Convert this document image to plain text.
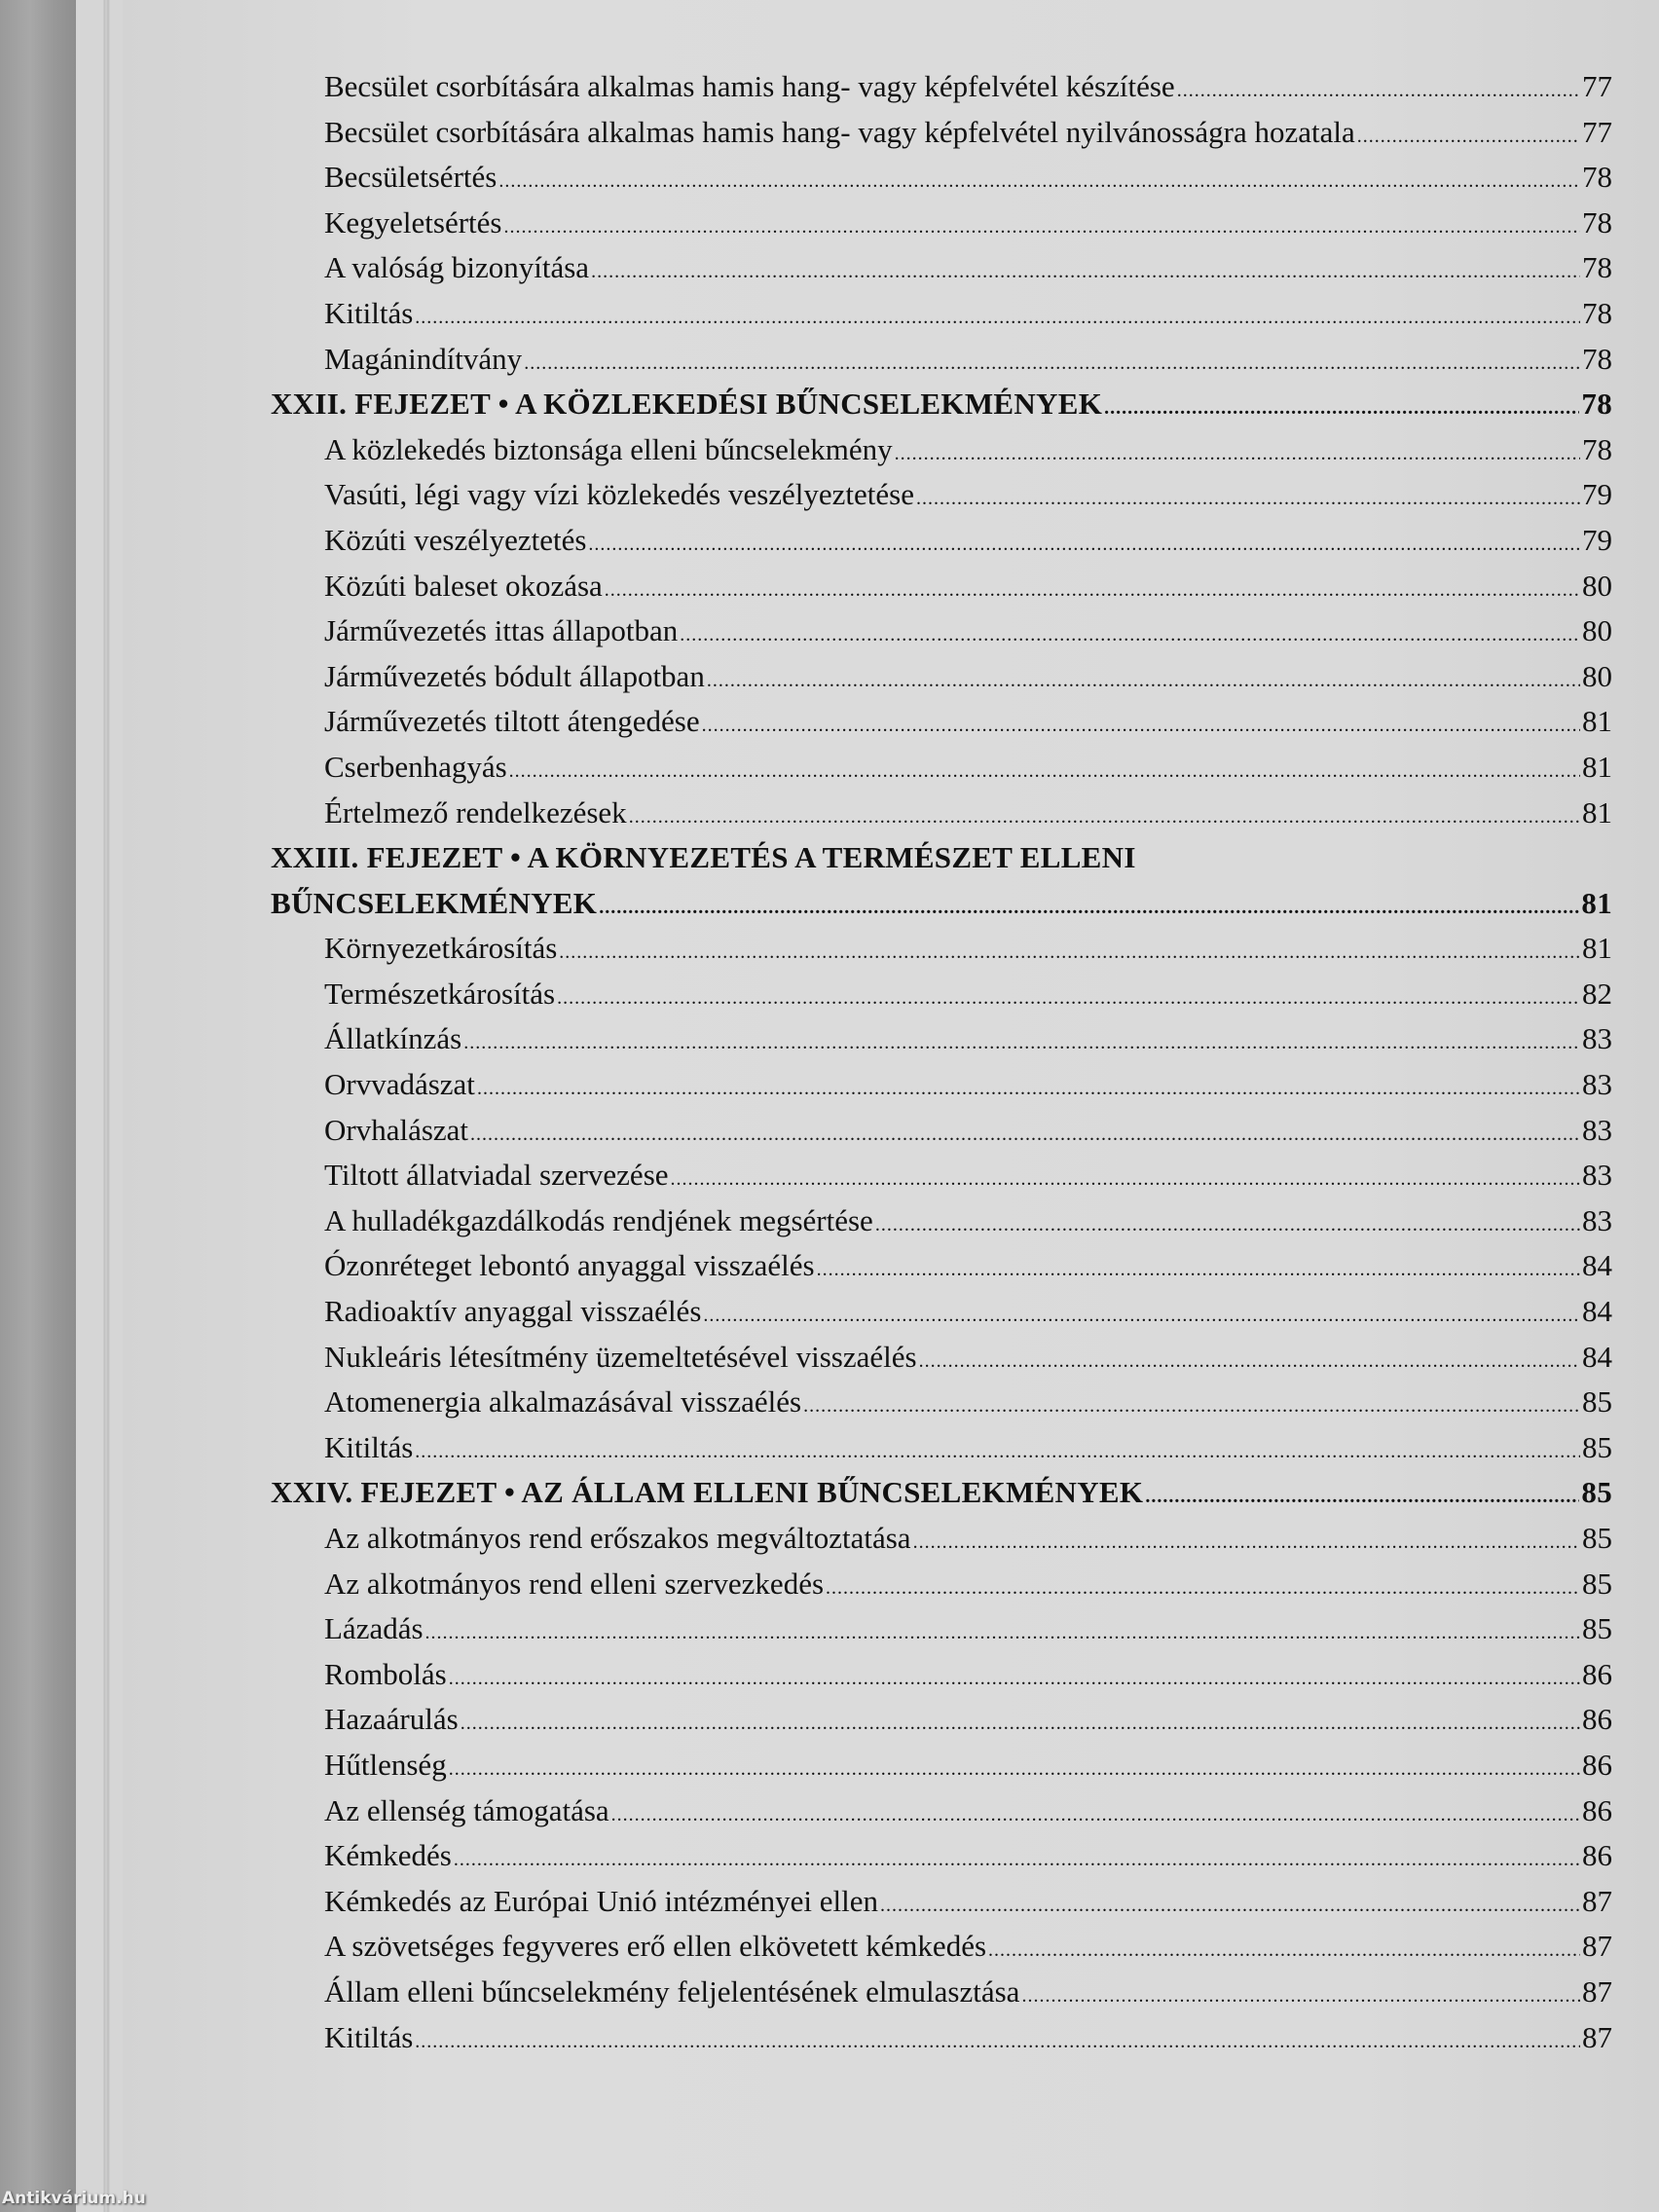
Becsület csorbítására alkalmas hamis hang- vagy képfelvétel készítése .....	77
Becsület csorbítására alkalmas hamis hang- vagy képfelvétel nyilvánosságra hozatala .....	77
Becsületsértés .....	78
Kegyeletsértés .....	78
A valóság bizonyítása .....	78
Kitiltás .....	78
Magánindítvány .....	78
XXII. FEJEZET • A KÖZLEKEDÉSI BŰNCSELEKMÉNYEK .....	78
A közlekedés biztonsága elleni bűncselekmény .....	78
Vasúti, légi vagy vízi közlekedés veszélyeztetése .....	79
Közúti veszélyeztetés .....	79
Közúti baleset okozása .....	80
Járművezetés ittas állapotban .....	80
Járművezetés bódult állapotban .....	80
Járművezetés tiltott átengedése .....	81
Cserbenhagyás .....	81
Értelmező rendelkezések .....	81
XXIII. FEJEZET • A KÖRNYEZETÉS A TERMÉSZET ELLENI
BŰNCSELEKMÉNYEK .....	81
Környezetkárosítás .....	81
Természetkárosítás .....	82
Állatkínzás .....	83
Orvvadászat .....	83
Orvhalászat .....	83
Tiltott állatviadal szervezése .....	83
A hulladékgazdálkodás rendjének megsértése .....	83
Ózonréteget lebontó anyaggal visszaélés .....	84
Radioaktív anyaggal visszaélés .....	84
Nukleáris létesítmény üzemeltetésével visszaélés .....	84
Atomenergia alkalmazásával visszaélés .....	85
Kitiltás .....	85
XXIV. FEJEZET • AZ ÁLLAM ELLENI BŰNCSELEKMÉNYEK .....	85
Az alkotmányos rend erőszakos megváltoztatása .....	85
Az alkotmányos rend elleni szervezkedés .....	85
Lázadás .....	85
Rombolás .....	86
Hazaárulás .....	86
Hűtlenség .....	86
Az ellenség támogatása .....	86
Kémkedés .....	86
Kémkedés az Európai Unió intézményei ellen .....	87
A szövetséges fegyveres erő ellen elkövetett kémkedés .....	87
Állam elleni bűncselekmény feljelentésének elmulasztása .....	87
Kitiltás .....	87
Antikvárium.hu
